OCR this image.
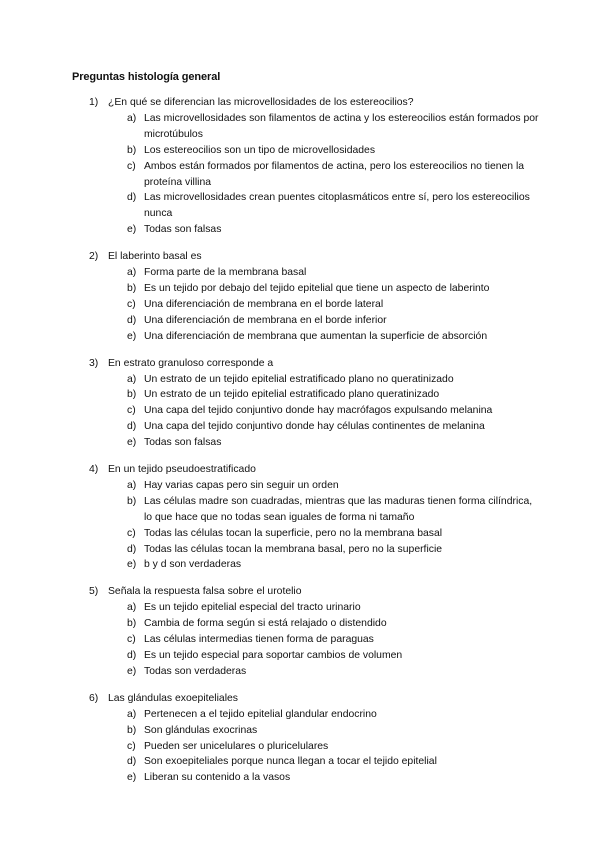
Preguntas histología general
1) ¿En qué se diferencian las microvellosidades de los estereocilios?
a) Las microvellosidades son filamentos de actina y los estereocilios están formados por microtúbulos
b) Los estereocilios son un tipo de microvellosidades
c) Ambos están formados por filamentos de actina, pero los estereocilios no tienen la proteína villina
d) Las microvellosidades crean puentes citoplasmáticos entre sí, pero los estereocilios nunca
e) Todas son falsas
2) El laberinto basal es
a) Forma parte de la membrana basal
b) Es un tejido por debajo del tejido epitelial que tiene un aspecto de laberinto
c) Una diferenciación de membrana en el borde lateral
d) Una diferenciación de membrana en el borde inferior
e) Una diferenciación de membrana que aumentan la superficie de absorción
3) En estrato granuloso corresponde a
a) Un estrato de un tejido epitelial estratificado plano no queratinizado
b) Un estrato de un tejido epitelial estratificado plano queratinizado
c) Una capa del tejido conjuntivo donde hay macrófagos expulsando melanina
d) Una capa del tejido conjuntivo donde hay células continentes de melanina
e) Todas son falsas
4) En un tejido pseudoestratificado
a) Hay varias capas pero sin seguir un orden
b) Las células madre son cuadradas, mientras que las maduras tienen forma cilíndrica, lo que hace que no todas sean iguales de forma ni tamaño
c) Todas las células tocan la superficie, pero no la membrana basal
d) Todas las células tocan la membrana basal, pero no la superficie
e) b y d son verdaderas
5) Señala la respuesta falsa sobre el urotelio
a) Es un tejido epitelial especial del tracto urinario
b) Cambia de forma según si está relajado o distendido
c) Las células intermedias tienen forma de paraguas
d) Es un tejido especial para soportar cambios de volumen
e) Todas son verdaderas
6) Las glándulas exoepiteliales
a) Pertenecen a el tejido epitelial glandular endocrino
b) Son glándulas exocrinas
c) Pueden ser unicelulares o pluricelulares
d) Son exoepiteliales porque nunca llegan a tocar el tejido epitelial
e) Liberan su contenido a la vasos
